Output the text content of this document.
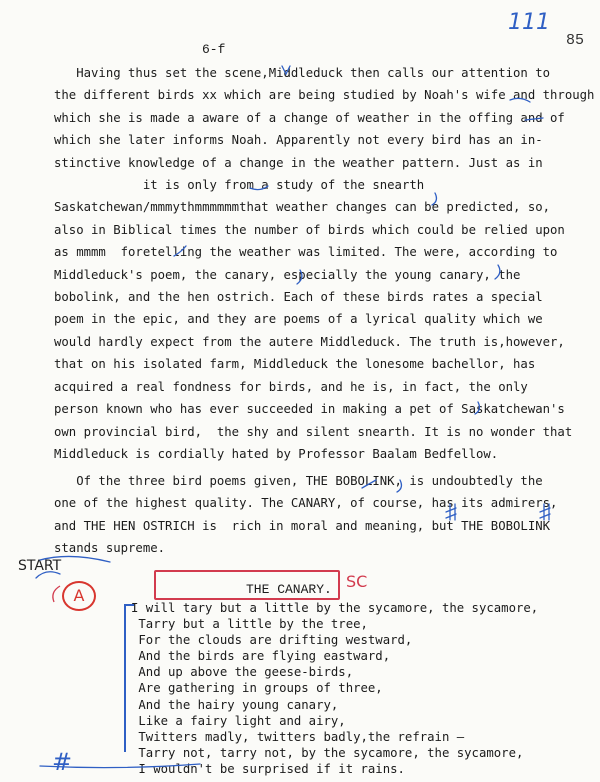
111
85
6-f
Having thus set the scene,Middleduck then calls our attention to
the different birds xx which are being studied by Noah's wife and through
which she is made a aware of a change of weather in the offing and of
which she later informs Noah. Apparently not every bird has an in-
stinctive knowledge of a change in the weather pattern. Just as in
it is only from a study of the snearth
Saskatchewan/mmmythmmmmmmthat weather changes can be predicted, so,
also in Biblical times the number of birds which could be relied upon
as mmmm  foretelling the weather was limited. The were, according to
Middleduck's poem, the canary, especially the young canary, the
bobolink, and the hen ostrich. Each of these birds rates a special
poem in the epic, and they are poems of a lyrical quality which we
would hardly expect from the autere Middleduck. The truth is,however,
that on his isolated farm, Middleduck the lonesome bachellor, has
acquired a real fondness for birds, and he is, in fact, the only
person known who has ever succeeded in making a pet of Saskatchewan's
own provincial bird,  the shy and silent snearth. It is no wonder that
Middleduck is cordially hated by Professor Baalam Bedfellow.
Of the three bird poems given, THE BOBOLINK, is undoubtedly the
one of the highest quality. The CANARY, of course, has its admirers,
and THE HEN OSTRICH is  rich in moral and meaning, but THE BOBOLINK
stands supreme.
START
A	THE CANARY. SC
I will tary but a little by the sycamore, the sycamore,
Tarry but a little by the tree,
For the clouds are drifting westward,
And the birds are flying eastward,
And up above the geese-birds,
Are gathering in groups of three,
And the hairy young canary,
Like a fairy light and airy,
Twitters madly, twitters badly,the refrain —
Tarry not, tarry not, by the sycamore, the sycamore,
I wouldn't be surprised if it rains.
#
